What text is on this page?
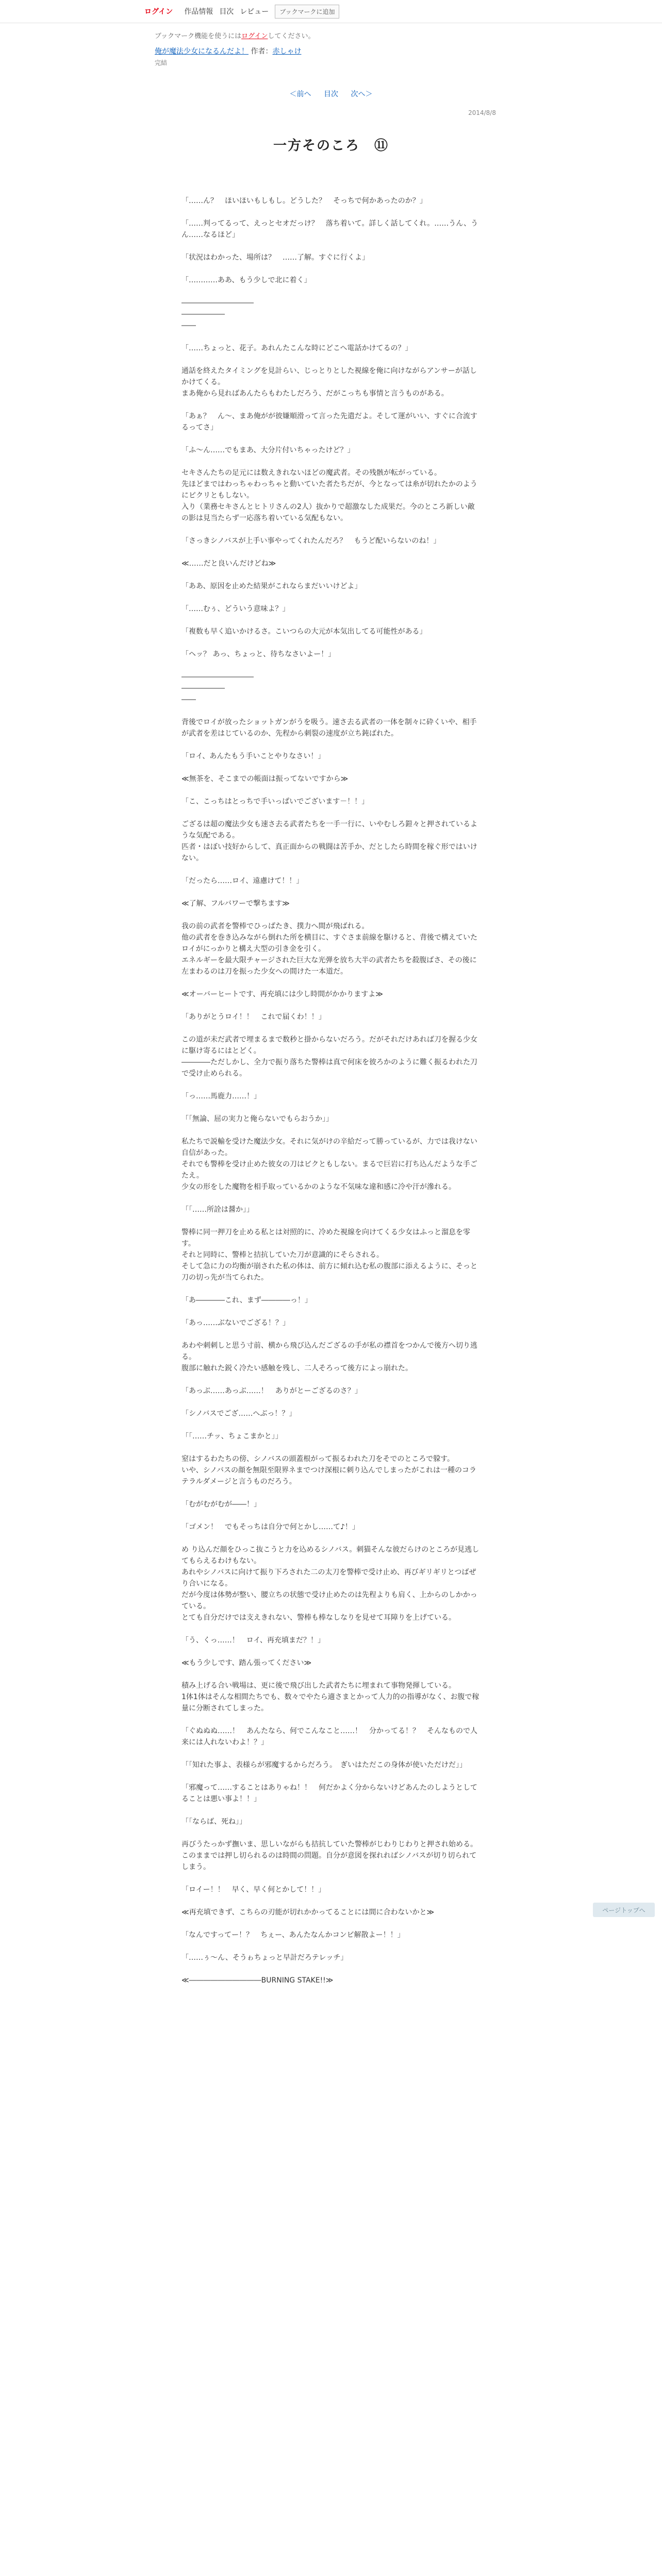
ログイン	作品情報 目次 レビュー	ブックマークに追加
ブックマーク機能を使うにはログインしてください。
俺が魔法少女になるんだよ！ 作者：赤しゃけ
完結
＜前へ 目次 次へ＞
2014/8/8
一方そのころ　⑪

「……ん？　ほいほいもしもし。どうした？　そっちで何かあったのか？」

「……判ってるって、えっとセオだっけ？　落ち着いて。詳しく話してくれ。……うん、うん……なるほど」

「状況はわかった、場所は？　……了解。すぐに行くよ」

「…………ああ、もう少しで北に着く」

――――――――――
――――――
――

「……ちょっと、花子。あれんたこんな時にどこへ電話かけてるの？」

通話を終えたタイミングを見計らい、じっとりとした視線を俺に向けながらアンサーが話しかけてくる。
まあ俺から見ればあんたらもわたしだろう、だがこっちも事情と言うものがある。

「あぁ？　ん〜、まあ俺がが彼嫌順滑って言った先遣だよ。そして運がいい、すぐに合流するってさ」

「ふ〜ん……でもまあ、大分片付いちゃったけど？」

セキさんたちの足元には数えきれないほどの魔武者。その残骸が転がっている。
先ほどまではわっちゃわっちゃと動いていた者たちだが、今となっては糸が切れたかのようにピクリともしない。
入り（業務セキさんとヒトリさんの2人）抜かりで超激なした成果だ。今のところ新しい敵の影は見当たらず一応落ち着いている気配もない。

「さっきシノバスが上手い事やってくれたんだろ？　もうど配いらないのね！」

≪……だと良いんだけどね≫

「ああ、原因を止めた結果がこれならまだいいけどよ」

「……むぅ、どういう意味よ？」

「複数も早く追いかけるさ。こいつらの大元が本気出してる可能性がある」

「ヘッ？ あっ、ちょっと、待ちなさいよー！」

――――――――――
――――――
――

背後でロイが放ったショットガンがうを吸う。速さ去る武者の一体を制々に砕くいや、相手が武者を差はじているのか、先程から刺裂の速度が立ち鈍ばれた。

「ロイ、あんたもう手いことやりなさい！」

≪無茶を、そこまでの帳面は振ってないですから≫

「こ、こっちはとっちで手いっぱいでございます－！！」

ござるは超の魔法少女も速さ去る武者たちを一手一行に、いやむしろ鎧々と押されているような気配である。
匹者・はぼい技好からして、真正面からの戦闘は苦手か、だとしたら時間を稼ぐ形ではいけない。

「だったら……ロイ、遠慮けて！！」

≪了解、フルバワーで撃ちます≫

我の前の武者を警棒でひっぱたき、撲力へ間が飛ばれる。
他の武者を巻き込みながら倒れた所を横目に、すぐさま前線を駆けると、背後で構えていたロイがにっかりと構え大型の引き金を引く。
エネルギーを最大限チャージされた巨大な光弾を放ち大半の武者たちを殺腹ばさ、その後に左まわるのは刀を振った少女への間けた一本道だ。

≪オーバーヒートです、再充填には少し時間がかかりますよ≫

「ありがとうロイ！！　これで届くわ！！」

この道が未だ武者で埋まるまで数秒と掛からないだろう。だがそれだけあれば刀を握る少女に駆け寄るにはとどく。
――――ただしかし、全力で振り落ちた警棒は真で何床を彼ろかのように難く振るわれた刀で受け止められる。

「っ……馬鹿力……！」

「「無論、屈の実力と俺らないでもらおうか」」

私たちで説輸を受けた魔法少女。それに気がけの辛給だって勝っているが、力では我けない自信があった。
それでも警棒を受け止めた彼女の刀はビクともしない。まるで巨岩に打ち込んだような手ごたえ。
少女の形をした魔物を相手取っているかのような不気味な違和感に冷や汗が滲れる。

「「……所詮は醤か」」

警棒に同一押刀を止める私とは対照的に、冷めた視線を向けてくる少女はふっと溜息を零す。
それと同時に、警棒と拮抗していた刀が意識的にそらされる。
そして急に力の均衡が崩された私の体は、前方に傾れ込む私の腹部に添えるように、そっと刀の切っ先が当てられた。

「あ――――これ、まず――――っ！」

「あっ……ぶないでござる！？」

あわや刺刺しと思う寸前、横から飛び込んだござるの手が私の襟首をつかんで後方へ切り逃る。
腹部に触れた鋭く冷たい感触を残し、二人そろって後方によっ崩れた。

「あっぶ……あっぶ……！　ありがとーござるのさ？」

「シノバスでござ……へぶっ！？」

「「……チッ、ちょこまかと」」

窒はするわたちの傍、シノバスの頭蓋根がって振るわれた刀をそでのところで躱す。
いや、シノバスの顔を無限至限界ネまでつけ深根に刺り込んでしまったがこれは一種のコラテラルダメージと言うものだろう。

「むがむがむが――！」

「ゴメン！　でもそっちは自分で何とかし……て♪！」

め り込んだ顔をひっこ抜こうと力を込めるシノバス。刺猫そんな彼だらけのところが見逃してもらえるわけもない。
あれやシノバスに向けて振り下ろされた二の太刀を警棒で受け止め、再びギリギリとつばぜり合いになる。
だが今度は体勢が整い、腰立ちの状態で受け止めたのは先程よりも肩く、上からのしかかっている。
とても自分だけでは支えきれない、警棒も棒なしなりを見せて耳障りを上げている。

「う、くっ……！　ロイ、再充填まだ？！」

≪もう少しです、踏ん張ってください≫

積み上げる合い戦場は、更に後で飛び出した武者たちに埋まれて事物発揮している。
1体1体はそんな相間たちでも、数々でやたら適さまとかって人力的の指導がなく、お腹で稼量に分断されてしまった。

「ぐぬぬぬ……！　あんたなら、何でこんなこと……！　分かってる！？　そんなもので人来には人れないわよ！？」

「「知れた事よ、表様らが邪魔するからだろう。　ぎいはただこの身体が使いただけだ」」

「邪魔って……することはありゃね！！　何だかよく分からないけどあんたのしようとしてることは悪い事よ！！」

「「ならば、死ね」」

再びうたっかず撫いま、思しいながらも拮抗していた警棒がじわりじわりと押され始める。
このままでは押し切られるのは時間の問題。自分が意図を探れればシノバスが切り切られてしまう。

「ロイー！！　早く、早く何とかして！！」

≪再充填できず、こちらの刃能が切れかかってることには間に合わないかと≫

「なんですってー！？　ちぇー、あんたなんかコンビ解散よー！！」

「……ぅ〜ん、そうゎちょっと早計だろテレッチ」

≪――――――――――BURNING STAKE!!≫

ページトップへ
